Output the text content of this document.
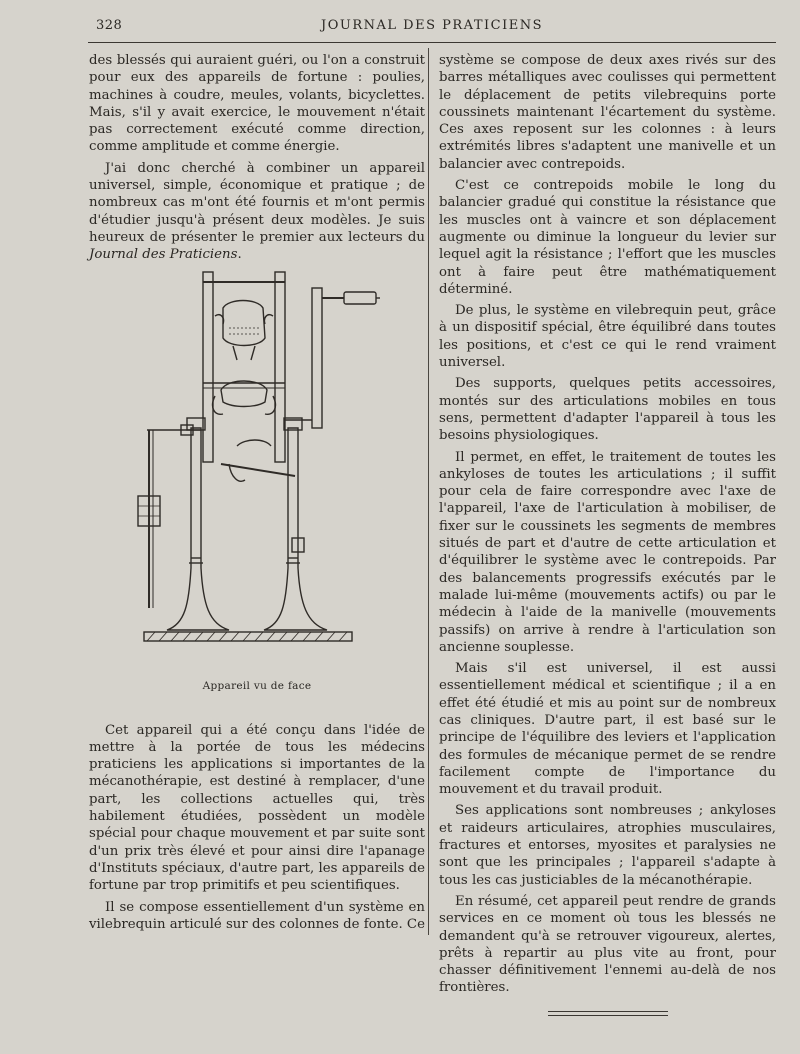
328	JOURNAL DES PRATICIENS

des blessés qui auraient guéri, ou l'on a construit pour eux des appareils de fortune : poulies, machines à coudre, meules, volants, bicyclettes. Mais, s'il y avait exercice, le mouvement n'était pas correctement exécuté comme direction, comme amplitude et comme énergie.

J'ai donc cherché à combiner un appareil universel, simple, économique et pratique ; de nombreux cas m'ont été fournis et m'ont permis d'étudier jusqu'à présent deux modèles. Je suis heureux de présenter le premier aux lecteurs du Journal des Praticiens.

Appareil vu de face

Cet appareil qui a été conçu dans l'idée de mettre à la portée de tous les médecins praticiens les applications si importantes de la mécanothérapie, est destiné à remplacer, d'une part, les collections actuelles qui, très habilement étudiées, possèdent un modèle spécial pour chaque mouvement et par suite sont d'un prix très élevé et pour ainsi dire l'apanage d'Instituts spéciaux, d'autre part, les appareils de fortune par trop primitifs et peu scientifiques.

Il se compose essentiellement d'un système en vilebrequin articulé sur des colonnes de fonte. Ce

système se compose de deux axes rivés sur des barres métalliques avec coulisses qui permettent le déplacement de petits vilebrequins porte coussinets maintenant l'écartement du système. Ces axes reposent sur les colonnes : à leurs extrémités libres s'adaptent une manivelle et un balancier avec contrepoids.

C'est ce contrepoids mobile le long du balancier gradué qui constitue la résistance que les muscles ont à vaincre et son déplacement augmente ou diminue la longueur du levier sur lequel agit la résistance ; l'effort que les muscles ont à faire peut être mathématiquement déterminé.

De plus, le système en vilebrequin peut, grâce à un dispositif spécial, être équilibré dans toutes les positions, et c'est ce qui le rend vraiment universel.

Des supports, quelques petits accessoires, montés sur des articulations mobiles en tous sens, permettent d'adapter l'appareil à tous les besoins physiologiques.

Il permet, en effet, le traitement de toutes les ankyloses de toutes les articulations ; il suffit pour cela de faire correspondre avec l'axe de l'appareil, l'axe de l'articulation à mobiliser, de fixer sur le coussinets les segments de membres situés de part et d'autre de cette articulation et d'équilibrer le système avec le contrepoids. Par des balancements progressifs exécutés par le malade lui-même (mouvements actifs) ou par le médecin à l'aide de la manivelle (mouvements passifs) on arrive à rendre à l'articulation son ancienne souplesse.

Mais s'il est universel, il est aussi essentiellement médical et scientifique ; il a en effet été étudié et mis au point sur de nombreux cas cliniques. D'autre part, il est basé sur le principe de l'équilibre des leviers et l'application des formules de mécanique permet de se rendre facilement compte de l'importance du mouvement et du travail produit.

Ses applications sont nombreuses ; ankyloses et raideurs articulaires, atrophies musculaires, fractures et entorses, myosites et paralysies ne sont que les principales ; l'appareil s'adapte à tous les cas justiciables de la mécanothérapie.

En résumé, cet appareil peut rendre de grands services en ce moment où tous les blessés ne demandent qu'à se retrouver vigoureux, alertes, prêts à repartir au plus vite au front, pour chasser définitivement l'ennemi au-delà de nos frontières.
